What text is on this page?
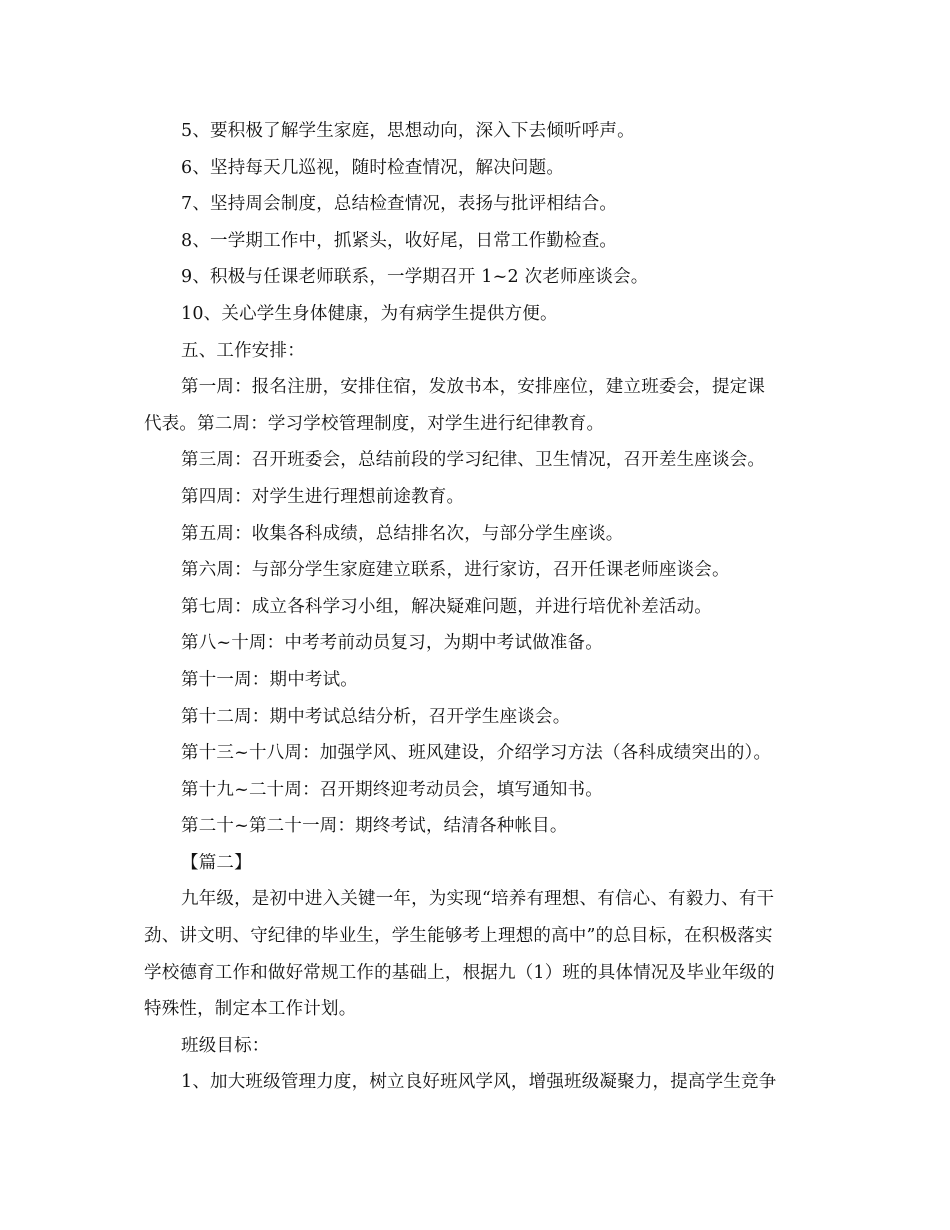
5、要积极了解学生家庭，思想动向，深入下去倾听呼声。
6、坚持每天几巡视，随时检查情况，解决问题。
7、坚持周会制度，总结检查情况，表扬与批评相结合。
8、一学期工作中，抓紧头，收好尾，日常工作勤检查。
9、积极与任课老师联系，一学期召开 1~2 次老师座谈会。
10、关心学生身体健康，为有病学生提供方便。
五、工作安排：
第一周：报名注册，安排住宿，发放书本，安排座位，建立班委会，提定课
代表。第二周：学习学校管理制度，对学生进行纪律教育。
第三周：召开班委会，总结前段的学习纪律、卫生情况，召开差生座谈会。
第四周：对学生进行理想前途教育。
第五周：收集各科成绩，总结排名次，与部分学生座谈。
第六周：与部分学生家庭建立联系，进行家访，召开任课老师座谈会。
第七周：成立各科学习小组，解决疑难问题，并进行培优补差活动。
第八~十周：中考考前动员复习，为期中考试做准备。
第十一周：期中考试。
第十二周：期中考试总结分析，召开学生座谈会。
第十三~十八周：加强学风、班风建设，介绍学习方法（各科成绩突出的）。
第十九~二十周：召开期终迎考动员会，填写通知书。
第二十~第二十一周：期终考试，结清各种帐目。
【篇二】
九年级，是初中进入关键一年，为实现“培养有理想、有信心、有毅力、有干
劲、讲文明、守纪律的毕业生，学生能够考上理想的高中”的总目标，在积极落实
学校德育工作和做好常规工作的基础上，根据九（1）班的具体情况及毕业年级的
特殊性，制定本工作计划。
班级目标：
1、加大班级管理力度，树立良好班风学风，增强班级凝聚力，提高学生竞争
